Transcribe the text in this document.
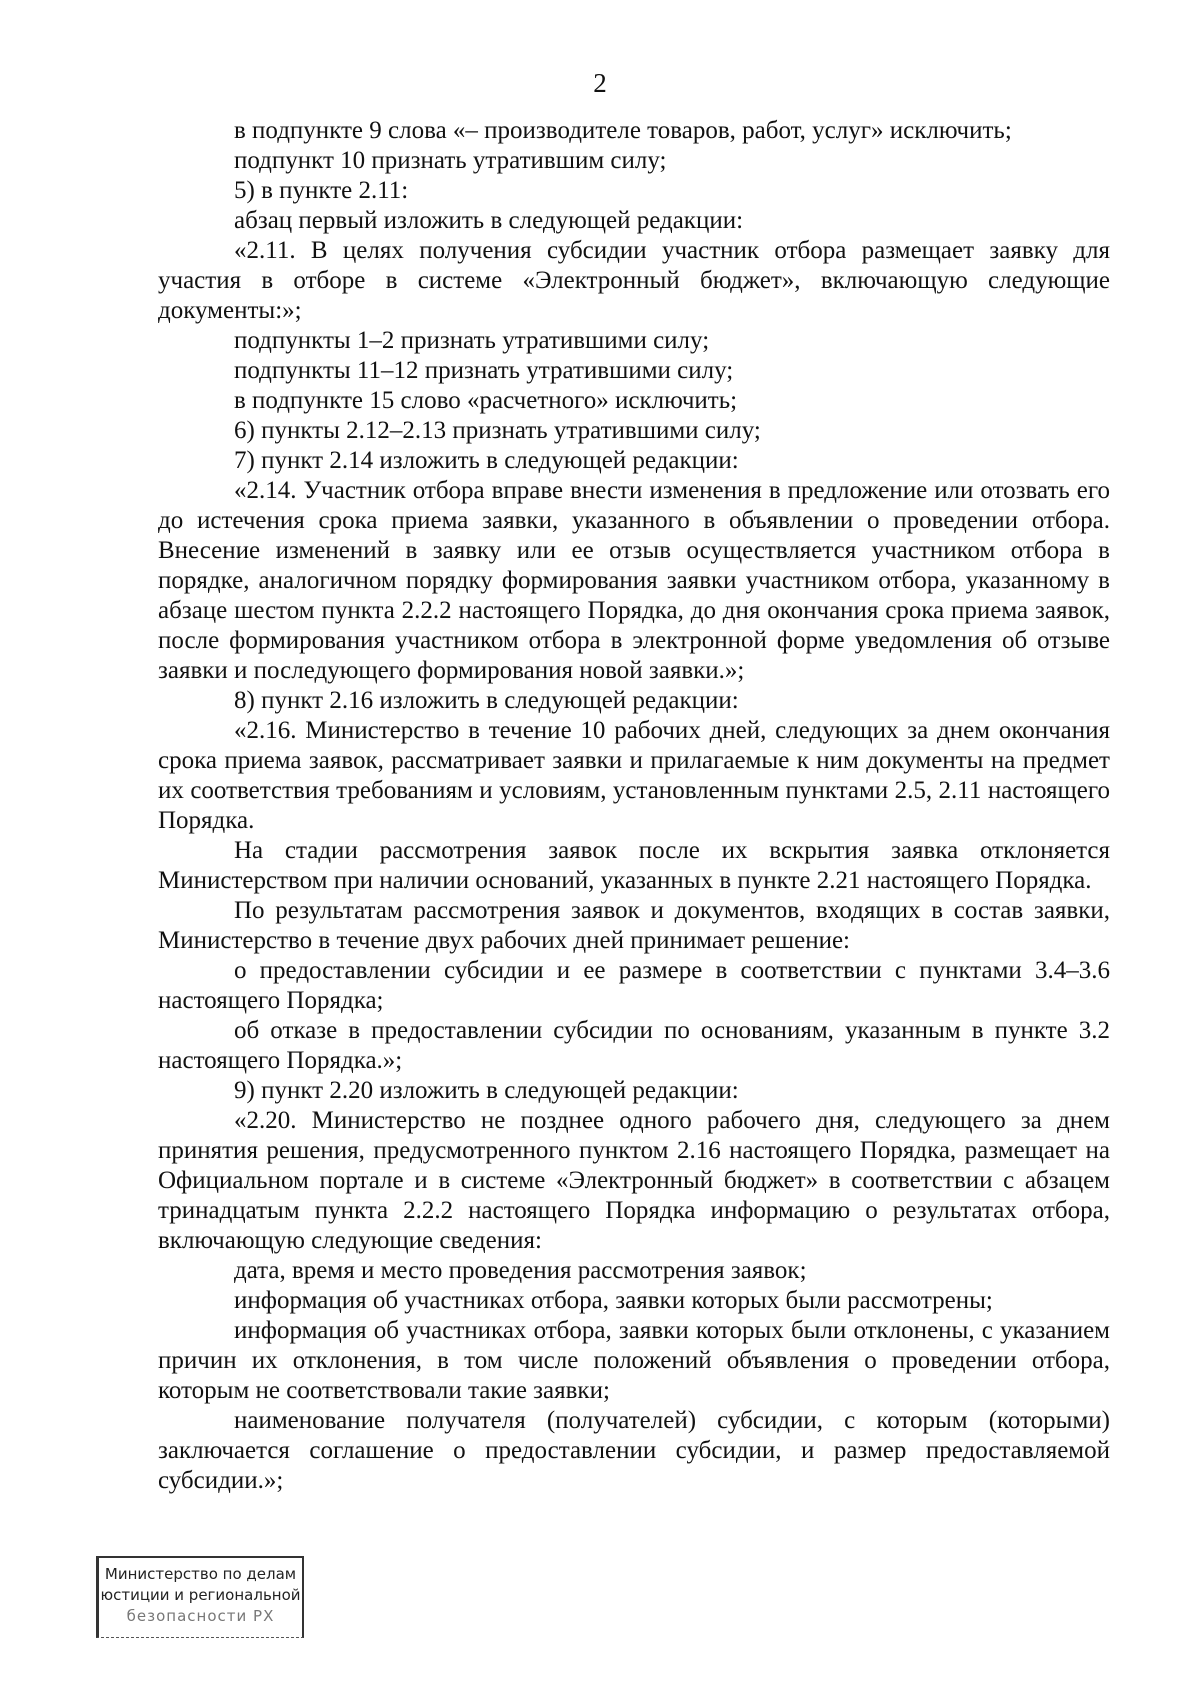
2

в подпункте 9 слова «– производителе товаров, работ, услуг» исключить;

подпункт 10 признать утратившим силу;

5) в пункте 2.11:

абзац первый изложить в следующей редакции:

«2.11. В целях получения субсидии участник отбора размещает заявку для участия в отборе в системе «Электронный бюджет», включающую следующие документы:»;

подпункты 1–2 признать утратившими силу;

подпункты 11–12 признать утратившими силу;

в подпункте 15 слово «расчетного» исключить;

6) пункты 2.12–2.13 признать утратившими силу;

7) пункт 2.14 изложить в следующей редакции:

«2.14. Участник отбора вправе внести изменения в предложение или отозвать его до истечения срока приема заявки, указанного в объявлении о проведении отбора. Внесение изменений в заявку или ее отзыв осуществляется участником отбора в порядке, аналогичном порядку формирования заявки участником отбора, указанному в абзаце шестом пункта 2.2.2 настоящего Порядка, до дня окончания срока приема заявок, после формирования участником отбора в электронной форме уведомления об отзыве заявки и последующего формирования новой заявки.»;

8) пункт 2.16 изложить в следующей редакции:

«2.16. Министерство в течение 10 рабочих дней, следующих за днем окончания срока приема заявок, рассматривает заявки и прилагаемые к ним документы на предмет их соответствия требованиям и условиям, установленным пунктами 2.5, 2.11 настоящего Порядка.

На стадии рассмотрения заявок после их вскрытия заявка отклоняется Министерством при наличии оснований, указанных в пункте 2.21 настоящего Порядка.

По результатам рассмотрения заявок и документов, входящих в состав заявки, Министерство в течение двух рабочих дней принимает решение:

о предоставлении субсидии и ее размере в соответствии с пунктами 3.4–3.6 настоящего Порядка;

об отказе в предоставлении субсидии по основаниям, указанным в пункте 3.2 настоящего Порядка.»;

9) пункт 2.20 изложить в следующей редакции:

«2.20. Министерство не позднее одного рабочего дня, следующего за днем принятия решения, предусмотренного пунктом 2.16 настоящего Порядка, размещает на Официальном портале и в системе «Электронный бюджет» в соответствии с абзацем тринадцатым пункта 2.2.2 настоящего Порядка информацию о результатах отбора, включающую следующие сведения:

дата, время и место проведения рассмотрения заявок;

информация об участниках отбора, заявки которых были рассмотрены;

информация об участниках отбора, заявки которых были отклонены, с указанием причин их отклонения, в том числе положений объявления о проведении отбора, которым не соответствовали такие заявки;

наименование получателя (получателей) субсидии, с которым (которыми) заключается соглашение о предоставлении субсидии, и размер предоставляемой субсидии.»;

Министерство по делам
юстиции и региональной
безопасности РХ
